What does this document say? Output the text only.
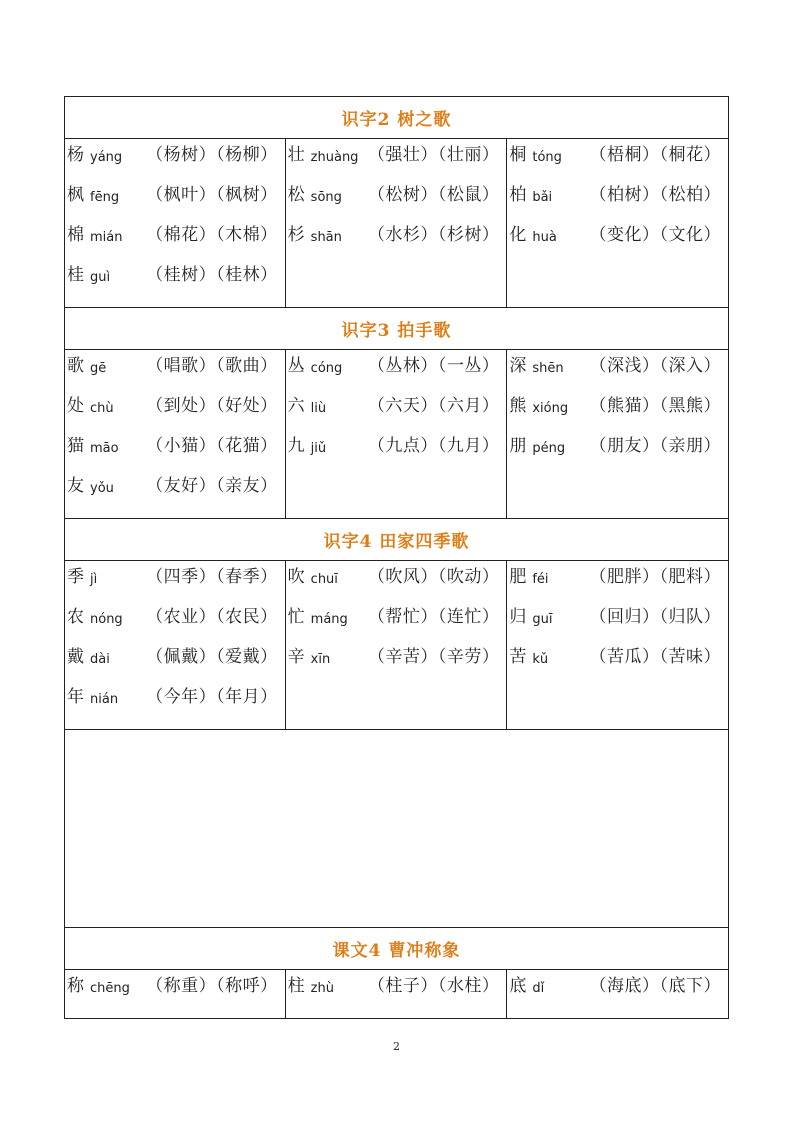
识字2 树之歌
杨 yáng （杨树）（杨柳）
枫 fēng （枫叶）（枫树）
棉 mián （棉花）（木棉）
桂 guì （桂树）（桂林）
壮 zhuàng （强壮）（壮丽）
松 sōng （松树）（松鼠）
杉 shān （水杉）（杉树）
桐 tóng （梧桐）（桐花）
柏 bǎi （柏树）（松柏）
化 huà （变化）（文化）
识字3 拍手歌
歌 gē （唱歌）（歌曲）
处 chù （到处）（好处）
猫 māo （小猫）（花猫）
友 yǒu （友好）（亲友）
丛 cóng （丛林）（一丛）
六 liù （六天）（六月）
九 jiǔ （九点）（九月）
深 shēn （深浅）（深入）
熊 xióng （熊猫）（黑熊）
朋 péng （朋友）（亲朋）
识字4 田家四季歌
季 jì	（四季）（春季）
农 nóng （农业）（农民）
戴 dài （佩戴）（爱戴）
年 nián （今年）（年月）
吹 chuī （吹风）（吹动）
忙 máng （帮忙）（连忙）
辛 xīn （辛苦）（辛劳）
肥 féi （肥胖）（肥料）
归 guī （回归）（归队）
苦 kǔ （苦瓜）（苦味）
课文4 曹冲称象
称 chēng （称重）（称呼） 柱 zhù （柱子）（水柱） 底 dǐ	（海底）（底下）
2
